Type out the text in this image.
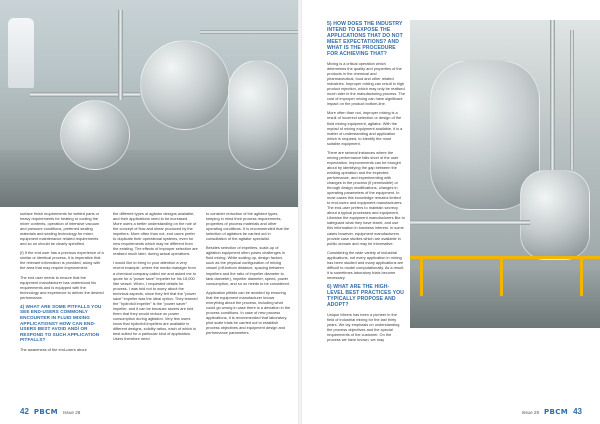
surface finish requirements for wetted parts or heavy requirements for heating or cooling the mixer contents, operation of intensive vacuum and pressure conditions, preferred sealing materials and sealing technology for mixer, equipment maintenance related requirements and so on should be clearly specified.

(f) If the end user has a previous experience of a similar or identical process, it is imperative that the relevant information is provided, along with the area that may require improvement.

The end user needs to ensure that the equipment manufacturer has understood his requirements and is equipped with the technology and experience to deliver the desired performance.

4) WHAT ARE SOME PITFALLS YOU SEE END-USERS COMMONLY ENCOUNTER IN FLUID MIXING APPLICATIONS? HOW CAN END-USERS BEST AVOID AND/ OR RESPOND TO SUCH APPLICATION PITFALLS?

The awareness of the end-users about

the different types of agitator designs available, and their applications need to be increased. More users a better understanding on the role of the concept of flow and shear produced by the impellers. More often than not, end users prefer to duplicate their operational systems, even for new requirements which may be different from the existing. The effects of improper selection are realised much later, during actual operations.

I would like to bring to your attention a very recent example, where the media manager from a chemical company called me and asked me to quote for a "power save" impeller for his 15,000 litre vessel. When, I requested details for process, I was told not to worry about the technical aspects, since they felt that the "power save" impeller was the ideal option. They learned the "hydrofoil impeller" is the "power saver" impeller, and it can be because savers are told them that they would reduce on power consumption during agitation. Very few users know that hydrofoil impellers are available in different designs, solidity ratios, each of which is best suited for a particular kind of application. Users therefore need

to consider reduction of the agitator types, keeping in mind their process requirements, properties of process materials and other operating conditions. It is recommended that the selection of agitators be carried out in consultation of the agitator specialist.

Besides selection of impellers, scale-up of agitation equipment often poses challenges in fluid mixing. While scaling up, design factors such as the physical configuration of mixing vessel (off-bottom distance, spacing between impellers and the ratio of impeller diameter to tank diameter), impeller diameter, speed, power consumption, and so on needs to be considered.

Application pitfalls can be avoided by ensuring that the equipment manufacturer knows everything about the process, including what could go wrong in case there is a deviation in the process conditions. In case of new process applications, it is recommended that laboratory, pilot scale trials be carried out to establish process objectives and equipment design and performance parameters.

42 PBCM Issue 29
5) HOW DOES THE INDUSTRY INTEND TO EXPOSE THE APPLICATIONS THAT DO NOT MEET EXPECTATIONS? AND WHAT IS THE PROCEDURE FOR ACHIEVING THAT?

Mixing is a critical operation which determines the quality and properties of the products in the chemical and pharmaceutical, food and other related industries. Improper mixing can result in high product rejection, which may only be realised much later in the manufacturing process. The cost of improper mixing can have significant impact on the product bottom-line.

More often than not, improper mixing is a result of incorrect selection or design of the fluid mixing equipment, agitator. With the myriad of mixing equipment available, it is a matter of understanding and application which is required, to identify the most suitable equipment.

There are several instances where the mixing performance falls short of the user expectation. Improvements can be brought about by identifying the gap between the existing operation and the expected performance, and experimenting with changes in the process (if permissible) or through design modifications, changes in operating parameters of the equipment. In most cases this knowledge remains limited to end-users and equipment manufacturers. The end-user prefers to maintain secrecy about a typical processes and equipment. Likewise the equipment manufacturers like to safeguard what they have learnt, and use this information in business interest. In some cases however, equipment manufacturers provide case studies which are available in public domain and may be informative.

Considering the wide variety of industrial applications, not every application in mixing has been studied and many applications are difficult to model computationally. As a result, it is sometimes laboratory trials become necessary.

6) WHAT ARE THE HIGH-LEVEL BEST PRACTICES YOU TYPICALLY PROPOSE AND ADOPT?

Unique Mixers has been a pioneer in the field of industrial mixing for the last thirty years. We lay emphasis on understanding the process objectives and the special requirements of the customer. On the process we have known, we may

Issue 29 PBCM 43
